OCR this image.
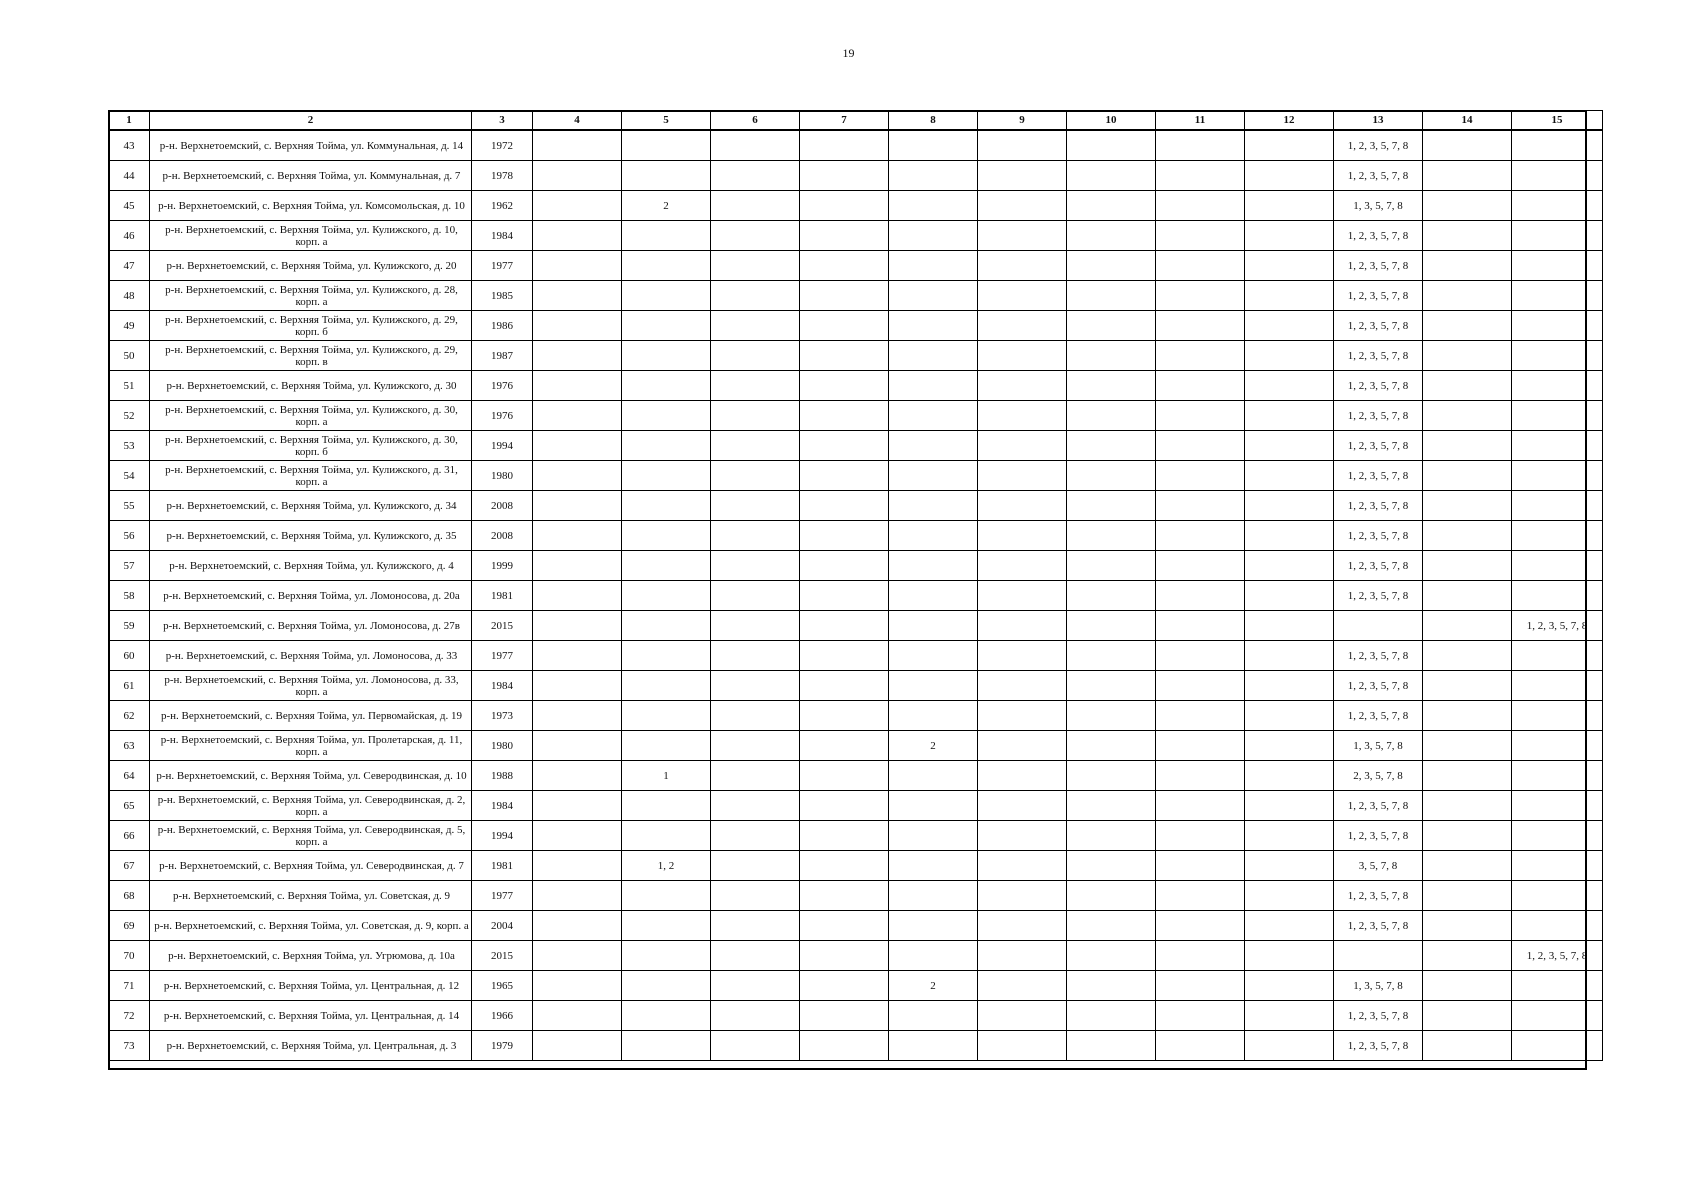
19
1	2	3	4	5	6	7	8	9	10	11	12	13	14	15
43	р-н. Верхнетоемский, с. Верхняя Тойма, ул. Коммунальная, д. 14	1972										1, 2, 3, 5, 7, 8		
44	р-н. Верхнетоемский, с. Верхняя Тойма, ул. Коммунальная, д. 7	1978										1, 2, 3, 5, 7, 8		
45	р-н. Верхнетоемский, с. Верхняя Тойма, ул. Комсомольская, д. 10	1962		2								1, 3, 5, 7, 8		
46	р-н. Верхнетоемский, с. Верхняя Тойма, ул. Кулижского, д. 10, корп. а	1984										1, 2, 3, 5, 7, 8		
47	р-н. Верхнетоемский, с. Верхняя Тойма, ул. Кулижского, д. 20	1977										1, 2, 3, 5, 7, 8		
48	р-н. Верхнетоемский, с. Верхняя Тойма, ул. Кулижского, д. 28, корп. а	1985										1, 2, 3, 5, 7, 8		
49	р-н. Верхнетоемский, с. Верхняя Тойма, ул. Кулижского, д. 29, корп. б	1986										1, 2, 3, 5, 7, 8		
50	р-н. Верхнетоемский, с. Верхняя Тойма, ул. Кулижского, д. 29, корп. в	1987										1, 2, 3, 5, 7, 8		
51	р-н. Верхнетоемский, с. Верхняя Тойма, ул. Кулижского, д. 30	1976										1, 2, 3, 5, 7, 8		
52	р-н. Верхнетоемский, с. Верхняя Тойма, ул. Кулижского, д. 30, корп. а	1976										1, 2, 3, 5, 7, 8		
53	р-н. Верхнетоемский, с. Верхняя Тойма, ул. Кулижского, д. 30, корп. б	1994										1, 2, 3, 5, 7, 8		
54	р-н. Верхнетоемский, с. Верхняя Тойма, ул. Кулижского, д. 31, корп. а	1980										1, 2, 3, 5, 7, 8		
55	р-н. Верхнетоемский, с. Верхняя Тойма, ул. Кулижского, д. 34	2008										1, 2, 3, 5, 7, 8		
56	р-н. Верхнетоемский, с. Верхняя Тойма, ул. Кулижского, д. 35	2008										1, 2, 3, 5, 7, 8		
57	р-н. Верхнетоемский, с. Верхняя Тойма, ул. Кулижского, д. 4	1999										1, 2, 3, 5, 7, 8		
58	р-н. Верхнетоемский, с. Верхняя Тойма, ул. Ломоносова, д. 20а	1981										1, 2, 3, 5, 7, 8		
59	р-н. Верхнетоемский, с. Верхняя Тойма, ул. Ломоносова, д. 27в	2015												1, 2, 3, 5, 7, 8
60	р-н. Верхнетоемский, с. Верхняя Тойма, ул. Ломоносова, д. 33	1977										1, 2, 3, 5, 7, 8		
61	р-н. Верхнетоемский, с. Верхняя Тойма, ул. Ломоносова, д. 33, корп. а	1984										1, 2, 3, 5, 7, 8		
62	р-н. Верхнетоемский, с. Верхняя Тойма, ул. Первомайская, д. 19	1973										1, 2, 3, 5, 7, 8		
63	р-н. Верхнетоемский, с. Верхняя Тойма, ул. Пролетарская, д. 11, корп. а	1980					2					1, 3, 5, 7, 8		
64	р-н. Верхнетоемский, с. Верхняя Тойма, ул. Северодвинская, д. 10	1988		1								2, 3, 5, 7, 8		
65	р-н. Верхнетоемский, с. Верхняя Тойма, ул. Северодвинская, д. 2, корп. а	1984										1, 2, 3, 5, 7, 8		
66	р-н. Верхнетоемский, с. Верхняя Тойма, ул. Северодвинская, д. 5, корп. а	1994										1, 2, 3, 5, 7, 8		
67	р-н. Верхнетоемский, с. Верхняя Тойма, ул. Северодвинская, д. 7	1981		1, 2								3, 5, 7, 8		
68	р-н. Верхнетоемский, с. Верхняя Тойма, ул. Советская, д. 9	1977										1, 2, 3, 5, 7, 8		
69	р-н. Верхнетоемский, с. Верхняя Тойма, ул. Советская, д. 9, корп. а	2004										1, 2, 3, 5, 7, 8		
70	р-н. Верхнетоемский, с. Верхняя Тойма, ул. Угрюмова, д. 10а	2015												1, 2, 3, 5, 7, 8
71	р-н. Верхнетоемский, с. Верхняя Тойма, ул. Центральная, д. 12	1965					2					1, 3, 5, 7, 8		
72	р-н. Верхнетоемский, с. Верхняя Тойма, ул. Центральная, д. 14	1966										1, 2, 3, 5, 7, 8		
73	р-н. Верхнетоемский, с. Верхняя Тойма, ул. Центральная, д. 3	1979										1, 2, 3, 5, 7, 8		
